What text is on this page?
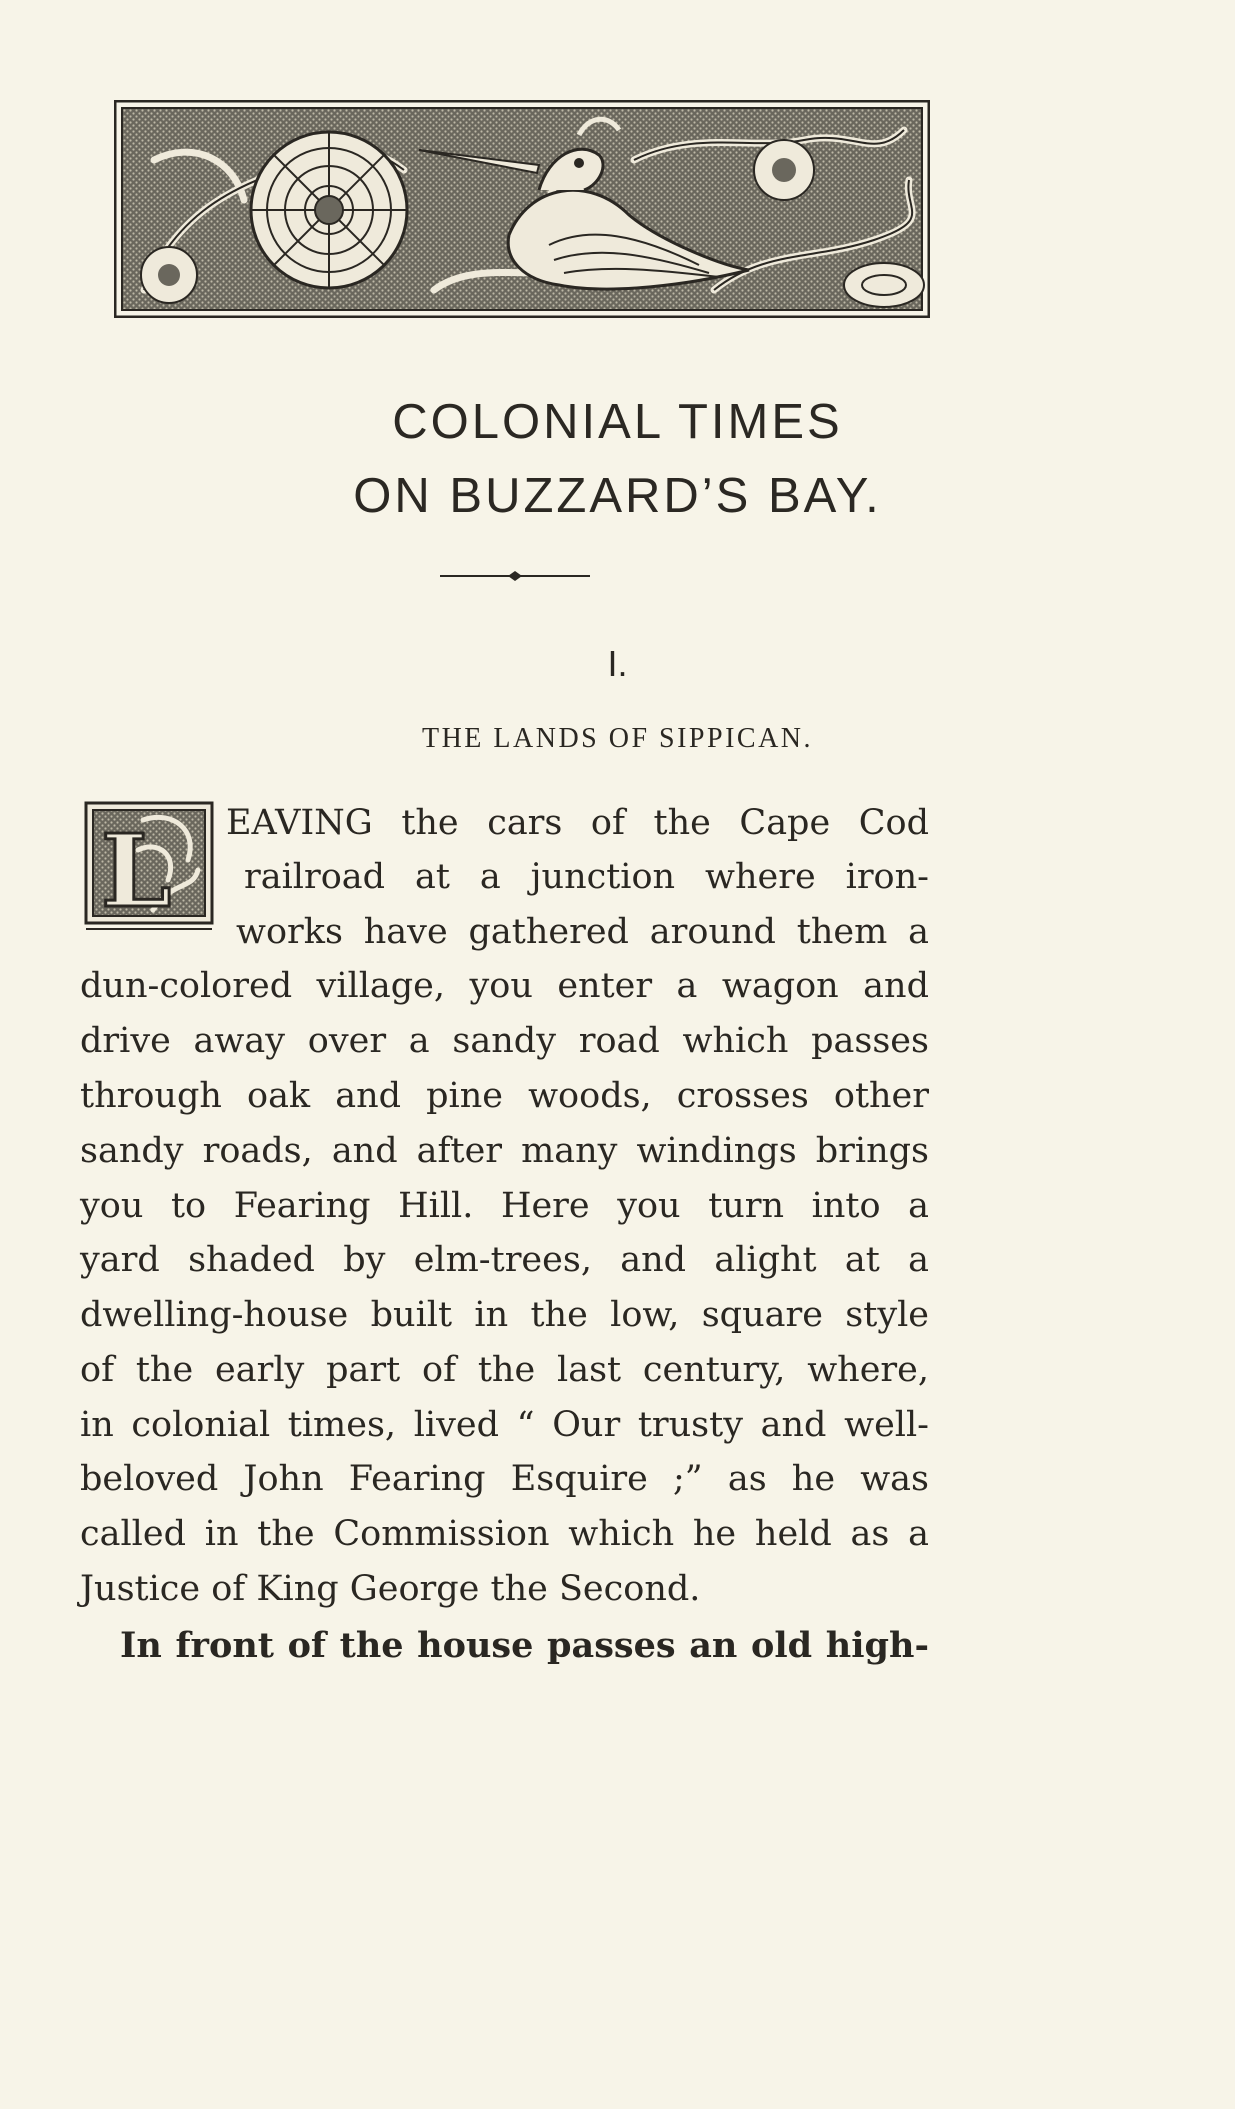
COLONIAL TIMES
ON BUZZARD’S BAY.
I.
THE LANDS OF SIPPICAN.
L EAVING the cars of the Cape Cod
railroad at a junction where iron-
works have gathered around them a
dun-colored village, you enter a wagon and
drive away over a sandy road which passes
through oak and pine woods, crosses other
sandy roads, and after many windings brings
you to Fearing Hill. Here you turn into a
yard shaded by elm-trees, and alight at a
dwelling-house built in the low, square style
of the early part of the last century, where,
in colonial times, lived “ Our trusty and well-
beloved John Fearing Esquire ;” as he was
called in the Commission which he held as a
Justice of King George the Second.
In front of the house passes an old high-
